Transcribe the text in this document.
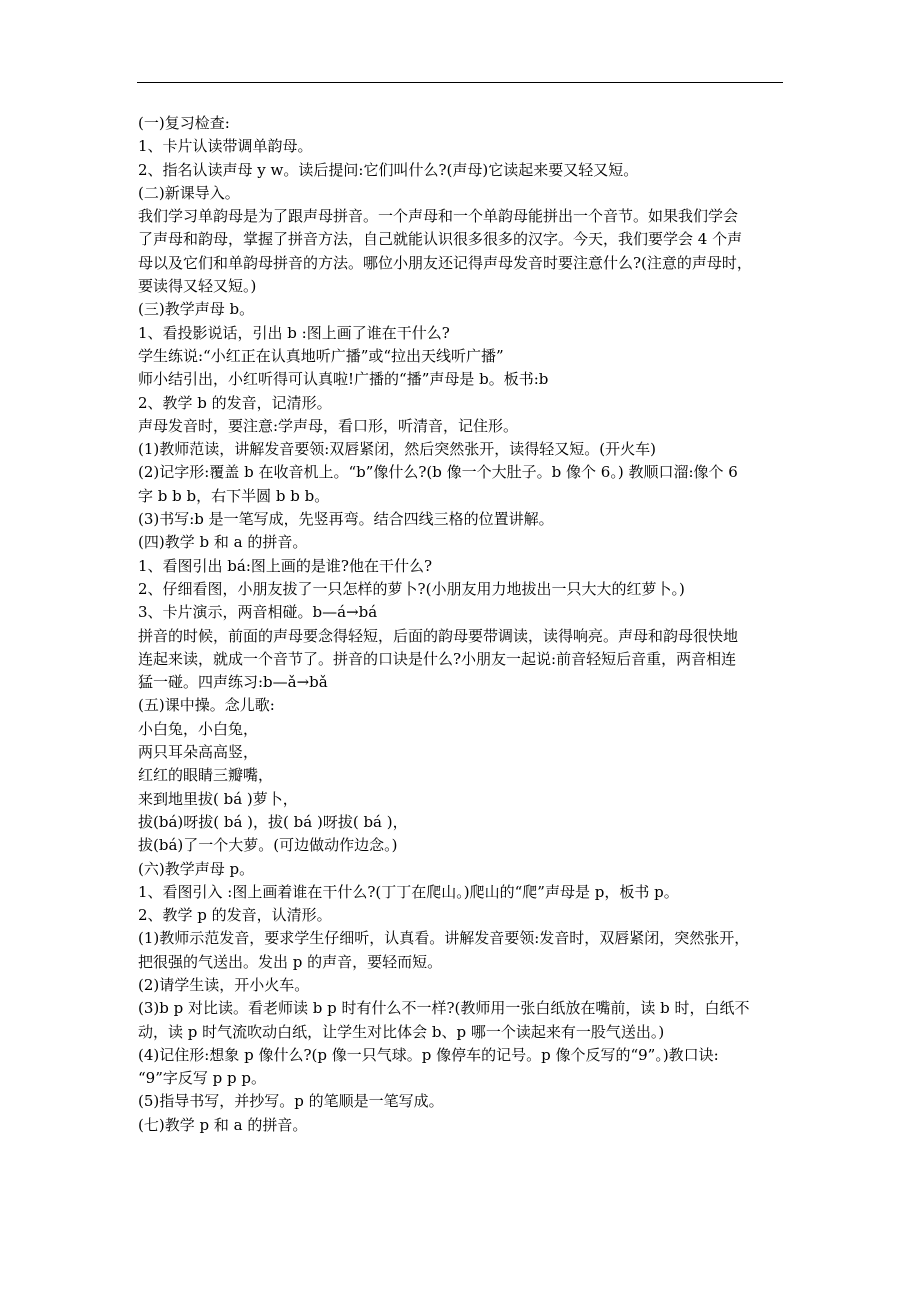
(一)复习检查:
1、卡片认读带调单韵母。
2、指名认读声母 y w。读后提问:它们叫什么?(声母)它读起来要又轻又短。
(二)新课导入。
我们学习单韵母是为了跟声母拼音。一个声母和一个单韵母能拼出一个音节。如果我们学会
了声母和韵母，掌握了拼音方法，自己就能认识很多很多的汉字。今天，我们要学会 4 个声
母以及它们和单韵母拼音的方法。哪位小朋友还记得声母发音时要注意什么?(注意的声母时，
要读得又轻又短。)
(三)教学声母 b。
1、看投影说话，引出 b :图上画了谁在干什么?
学生练说:“小红正在认真地听广播”或“拉出天线听广播”
师小结引出，小红听得可认真啦!广播的“播”声母是 b。板书:b
2、教学 b 的发音，记清形。
声母发音时，要注意:学声母，看口形，听清音，记住形。
(1)教师范读，讲解发音要领:双唇紧闭，然后突然张开，读得轻又短。(开火车)
(2)记字形:覆盖 b 在收音机上。“b”像什么?(b 像一个大肚子。b 像个 6。) 教顺口溜:像个 6
字 b b b，右下半圆 b b b。
(3)书写:b 是一笔写成，先竖再弯。结合四线三格的位置讲解。
(四)教学 b 和 a 的拼音。
1、看图引出 bá:图上画的是谁?他在干什么?
2、仔细看图，小朋友拔了一只怎样的萝卜?(小朋友用力地拔出一只大大的红萝卜。)
3、卡片演示，两音相碰。b—á→bá
拼音的时候，前面的声母要念得轻短，后面的韵母要带调读，读得响亮。声母和韵母很快地
连起来读，就成一个音节了。拼音的口诀是什么?小朋友一起说:前音轻短后音重，两音相连
猛一碰。四声练习:b—ǎ→bǎ
(五)课中操。念儿歌:
小白兔，小白兔，
两只耳朵高高竖，
红红的眼睛三瓣嘴，
来到地里拔( bá )萝卜，
拔(bá)呀拔( bá )，拔( bá )呀拔( bá )，
拔(bá)了一个大萝。(可边做动作边念。)
(六)教学声母 p。
1、看图引入 :图上画着谁在干什么?(丁丁在爬山。)爬山的“爬”声母是 p，板书 p。
2、教学 p 的发音，认清形。
(1)教师示范发音，要求学生仔细听，认真看。讲解发音要领:发音时，双唇紧闭，突然张开，
把很强的气送出。发出 p 的声音，要轻而短。
(2)请学生读，开小火车。
(3)b p 对比读。看老师读 b p 时有什么不一样?(教师用一张白纸放在嘴前，读 b 时，白纸不
动，读 p 时气流吹动白纸，让学生对比体会 b、p 哪一个读起来有一股气送出。)
(4)记住形:想象 p 像什么?(p 像一只气球。p 像停车的记号。p 像个反写的“9”。)教口诀:
“9”字反写 p p p。
(5)指导书写，并抄写。p 的笔顺是一笔写成。
(七)教学 p 和 a 的拼音。
